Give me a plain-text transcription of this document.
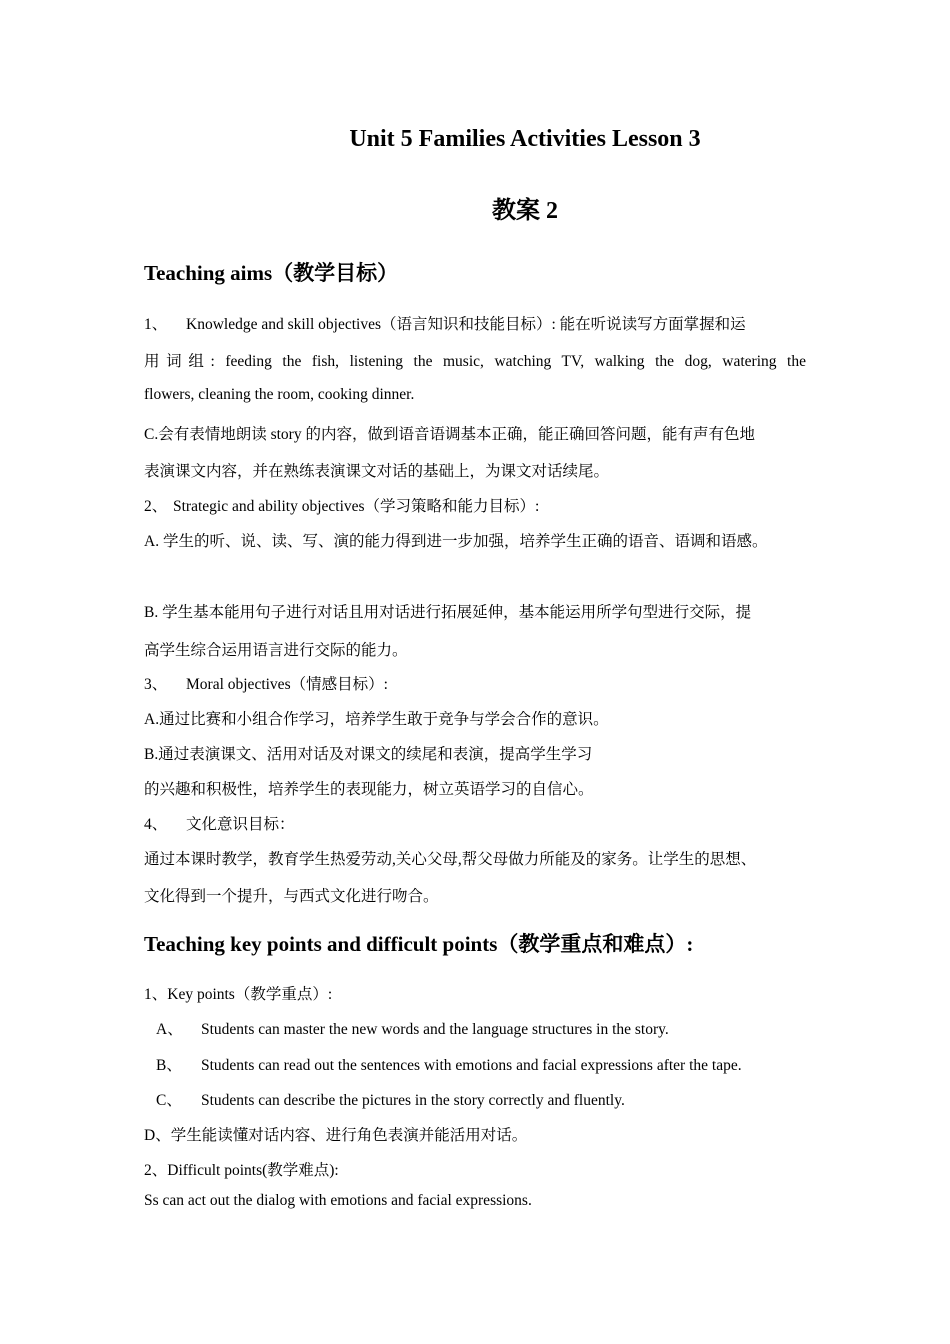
Unit 5 Families Activities Lesson 3
教案 2
Teaching aims（教学目标）
1、 Knowledge and skill objectives（语言知识和技能目标）: 能在听说读写方面掌握和运
用词组: feeding the fish, listening the music, watching TV, walking the dog, watering the
flowers, cleaning the room, cooking dinner.
C.会有表情地朗读 story 的内容，做到语音语调基本正确，能正确回答问题，能有声有色地
表演课文内容，并在熟练表演课文对话的基础上，为课文对话续尾。
2、 Strategic and ability objectives（学习策略和能力目标）:
A. 学生的听、说、读、写、演的能力得到进一步加强，培养学生正确的语音、语调和语感。
B. 学生基本能用句子进行对话且用对话进行拓展延伸，基本能运用所学句型进行交际，提
高学生综合运用语言进行交际的能力。
3、 Moral objectives（情感目标）:
A.通过比赛和小组合作学习，培养学生敢于竞争与学会合作的意识。
B.通过表演课文、活用对话及对课文的续尾和表演，提高学生学习
的兴趣和积极性，培养学生的表现能力，树立英语学习的自信心。
4、 文化意识目标：
通过本课时教学，教育学生热爱劳动,关心父母,帮父母做力所能及的家务。让学生的思想、
文化得到一个提升，与西式文化进行吻合。
Teaching key points and difficult points（教学重点和难点）:
1、Key points（教学重点）:
A、 Students can master the new words and the language structures in the story.
B、 Students can read out the sentences with emotions and facial expressions after the tape.
C、 Students can describe the pictures in the story correctly and fluently.
D、学生能读懂对话内容、进行角色表演并能活用对话。
2、Difficult points(教学难点):
Ss can act out the dialog with emotions and facial expressions.
